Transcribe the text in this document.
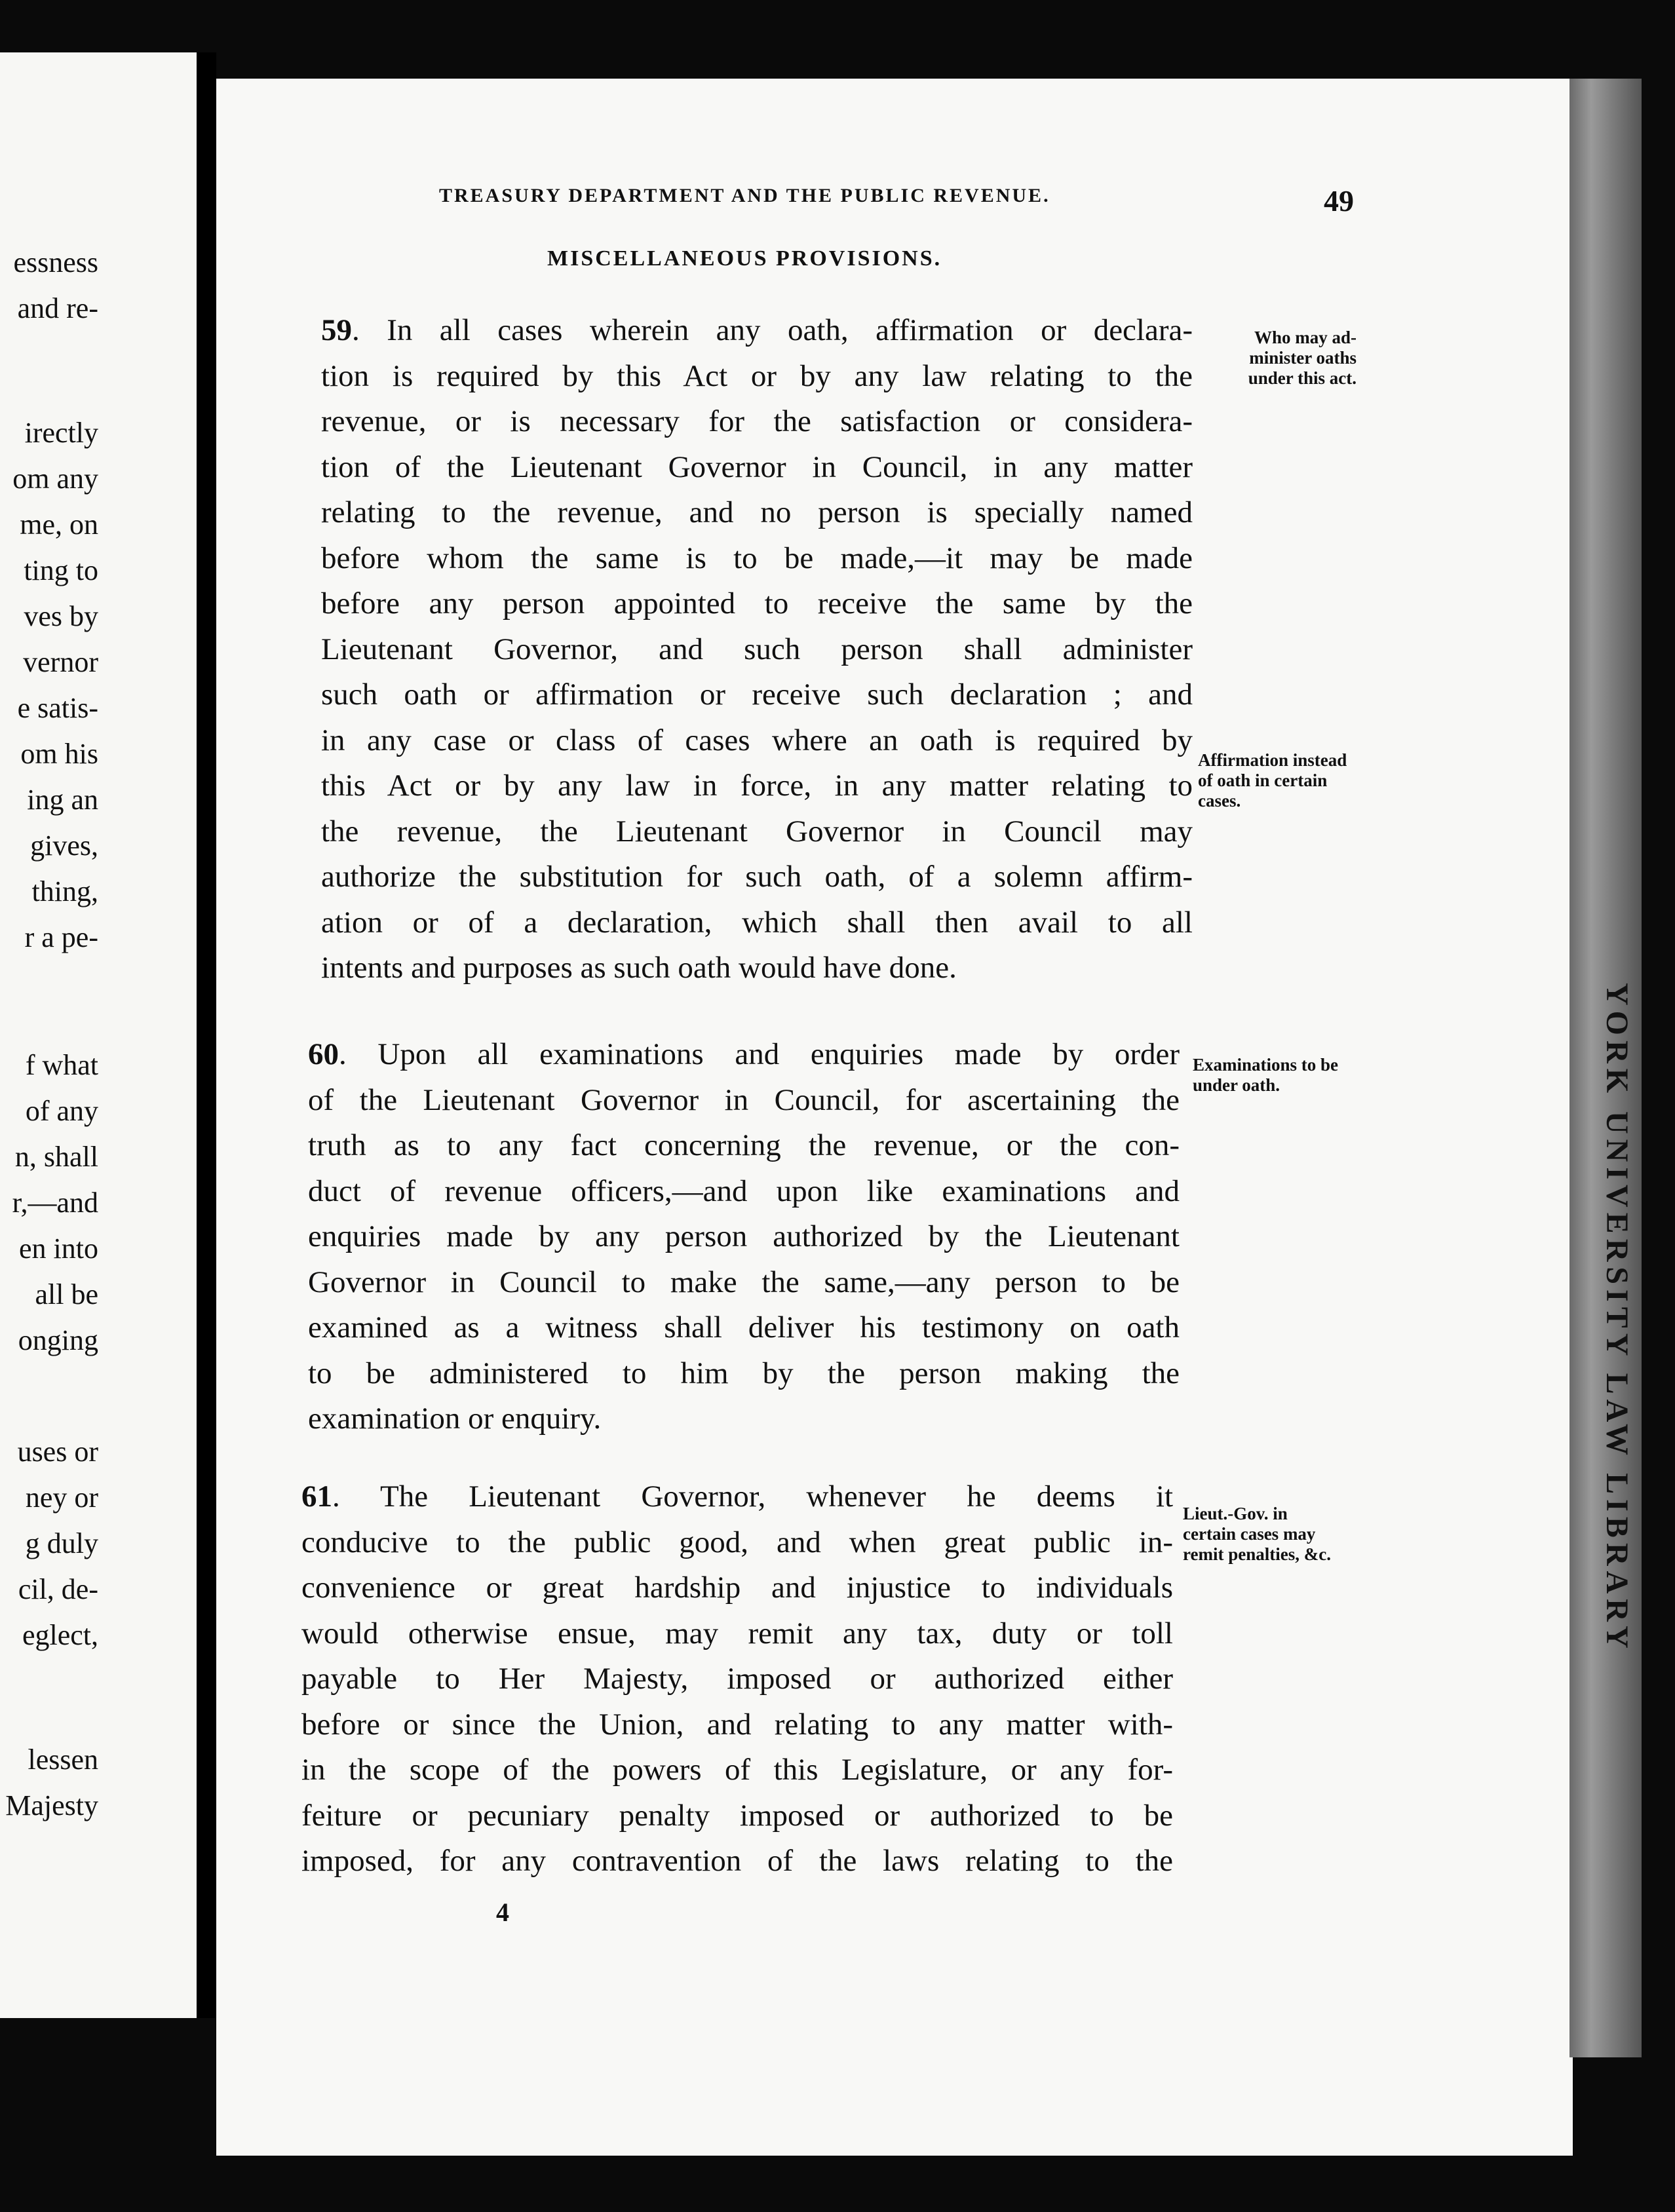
essness
and re-
irectly
om any
me, on
ting to
ves by
vernor
e satis-
om his
ing an
gives,
thing,
r a pe-
f what
of any
n, shall
r,—and
en into
all be
onging
uses or
ney or
g duly
cil, de-
eglect,
lessen
Majesty
YORK UNIVERSITY LAW LIBRARY
TREASURY DEPARTMENT AND THE PUBLIC REVENUE.	49
MISCELLANEOUS PROVISIONS.
59. In all cases wherein any oath, affirmation or declara-
tion is required by this Act or by any law relating to the
revenue, or is necessary for the satisfaction or considera-
tion of the Lieutenant Governor in Council, in any matter
relating to the revenue, and no person is specially named
before whom the same is to be made,—it may be made
before any person appointed to receive the same by the
Lieutenant Governor, and such person shall administer
such oath or affirmation or receive such declaration ; and
in any case or class of cases where an oath is required by
this Act or by any law in force, in any matter relating to
the revenue, the Lieutenant Governor in Council may
authorize the substitution for such oath, of a solemn affirm-
ation or of a declaration, which shall then avail to all
intents and purposes as such oath would have done.
60. Upon all examinations and enquiries made by order
of the Lieutenant Governor in Council, for ascertaining the
truth as to any fact concerning the revenue, or the con-
duct of revenue officers,—and upon like examinations and
enquiries made by any person authorized by the Lieutenant
Governor in Council to make the same,—any person to be
examined as a witness shall deliver his testimony on oath
to be administered to him by the person making the
examination or enquiry.
61. The Lieutenant Governor, whenever he deems it
conducive to the public good, and when great public in-
convenience or great hardship and injustice to individuals
would otherwise ensue, may remit any tax, duty or toll
payable to Her Majesty, imposed or authorized either
before or since the Union, and relating to any matter with-
in the scope of the powers of this Legislature, or any for-
feiture or pecuniary penalty imposed or authorized to be
imposed, for any contravention of the laws relating to the
Who may ad-minister oaths under this act.
Affirmation instead of oath in certain cases.
Examinations to be under oath.
Lieut.-Gov. in certain cases may remit penalties, &c.
4
